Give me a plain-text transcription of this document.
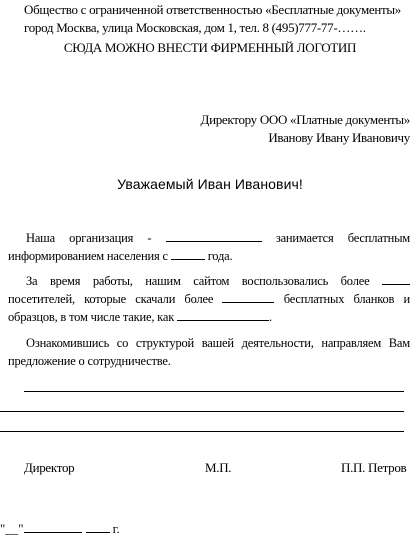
Общество с ограниченной ответственностью «Бесплатные документы»
город Москва, улица Московская, дом 1, тел. 8 (495)777-77-…….
СЮДА МОЖНО ВНЕСТИ ФИРМЕННЫЙ ЛОГОТИП
Директору ООО «Платные документы»
Иванову Ивану Ивановичу
Уважаемый Иван Иванович!
Наша организация -	занимается бесплатным информированием населения с	года.
За время работы, нашим сайтом воспользовались более  посетителей, которые скачали более	бесплатных бланков и образцов, в том числе такие, как	.
Ознакомившись со структурой вашей деятельности, направляем Вам предложение о сотрудничестве.
Директор	М.П.	П.П. Петров
"__"	г.
